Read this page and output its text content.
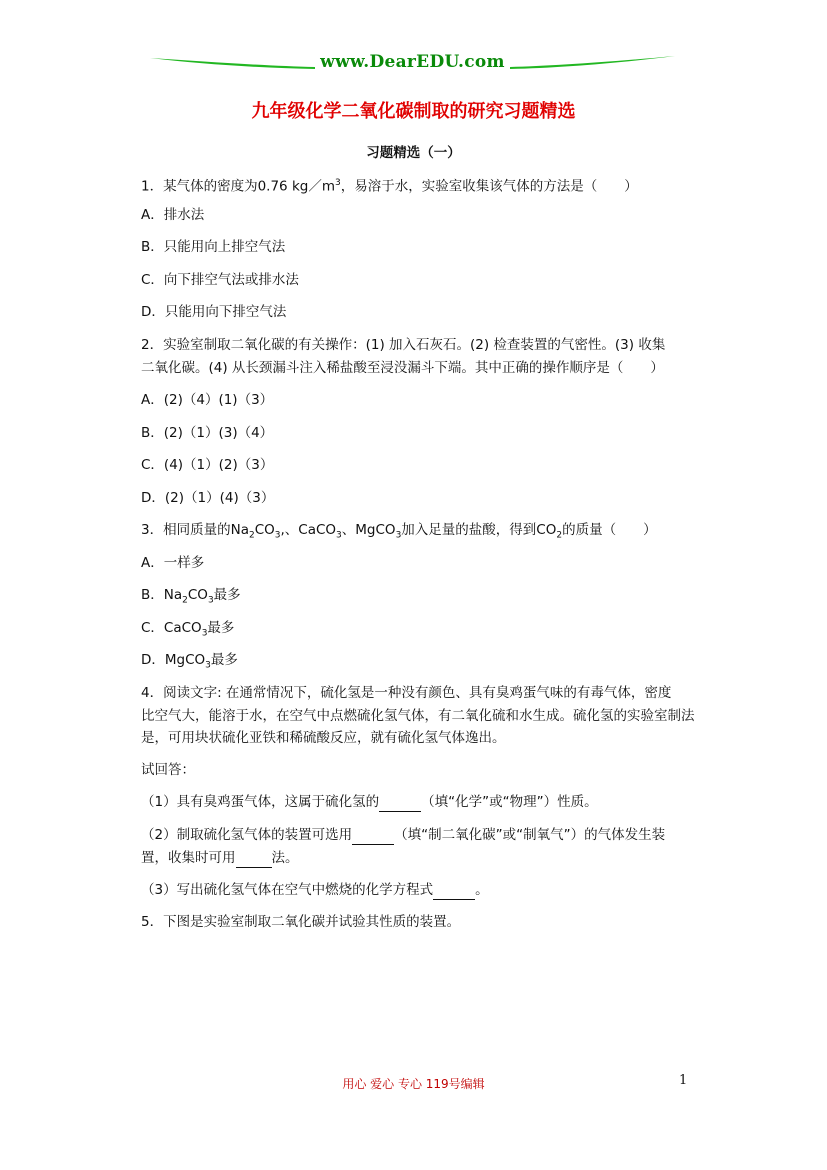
www.DearEDU.com
九年级化学二氧化碳制取的研究习题精选
习题精选（一）
1．某气体的密度为0.76 $kg/m^3$，易溶于水，实验室收集该气体的方法是（　　）
A．排水法
B．只能用向上排空气法
C．向下排空气法或排水法
D．只能用向下排空气法
2．实验室制取二氧化碳的有关操作：(1) 加入石灰石。(2) 检查装置的气密性。(3) 收集
二氧化碳。(4) 从长颈漏斗注入稀盐酸至浸没漏斗下端。其中正确的操作顺序是（　　）
A．(2)（4）(1)（3）
B．(2)（1）(3)（4）
C．(4)（1）(2)（3）
D．(2)（1）(4)（3）
3．相同质量的$Na_2CO_3$,、CaCO$_3$、MgCO$_3$加入足量的盐酸，得到$CO_2$的质量（　　）
A．一样多
B．$Na_2CO_3$最多
C．CaCO$_3$最多
D．MgCO$_3$最多
4．阅读文字: 在通常情况下，硫化氢是一种没有颜色、具有臭鸡蛋气味的有毒气体，密度
比空气大，能溶于水，在空气中点燃硫化氢气体，有二氧化硫和水生成。硫化氢的实验室制法
是，可用块状硫化亚铁和稀硫酸反应，就有硫化氢气体逸出。
试回答：
（1）具有臭鸡蛋气体，这属于硫化氢的	（填“化学”或“物理”）性质。
（2）制取硫化氢气体的装置可选用	（填“制二氧化碳”或“制氧气”）的气体发生装
置，收集时可用	法。
（3）写出硫化氢气体在空气中燃烧的化学方程式	。
5．下图是实验室制取二氧化碳并试验其性质的装置。
用心 爱心 专心 119号编辑	1
